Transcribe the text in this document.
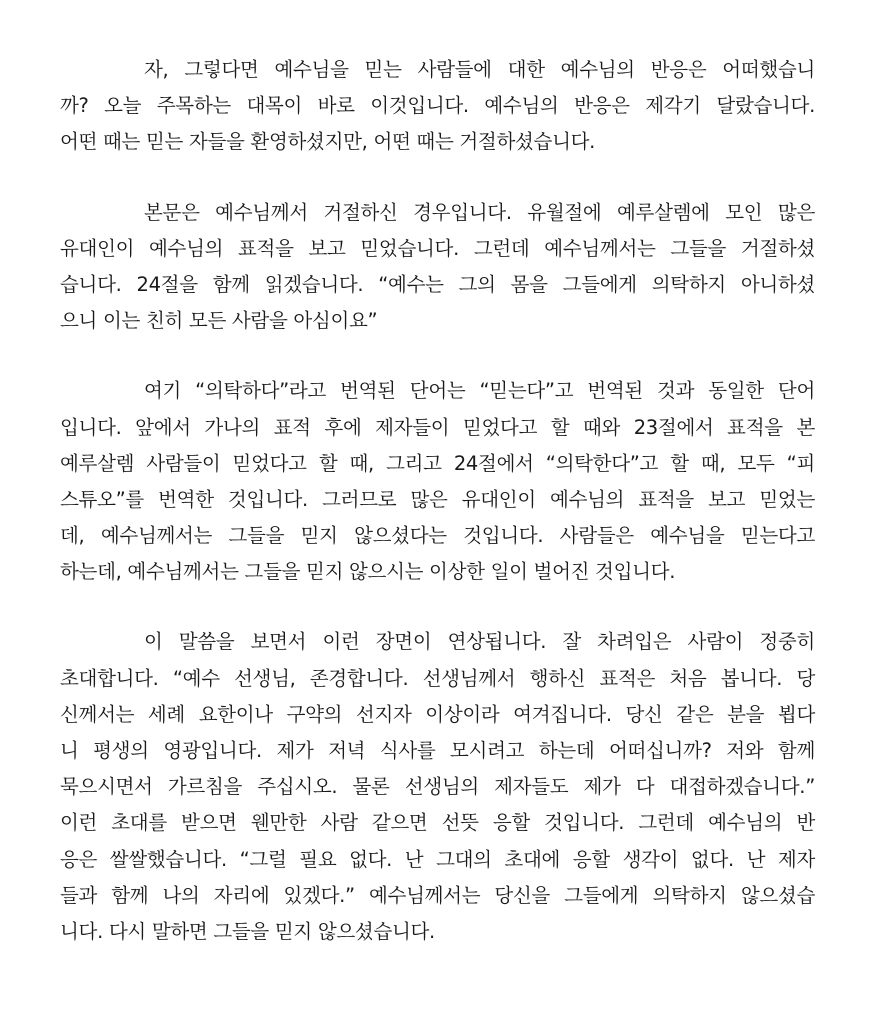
자, 그렇다면 예수님을 믿는 사람들에 대한 예수님의 반응은 어떠했습니
까? 오늘 주목하는 대목이 바로 이것입니다. 예수님의 반응은 제각기 달랐습니다.
어떤 때는 믿는 자들을 환영하셨지만, 어떤 때는 거절하셨습니다.
본문은 예수님께서 거절하신 경우입니다. 유월절에 예루살렘에 모인 많은
유대인이 예수님의 표적을 보고 믿었습니다. 그런데 예수님께서는 그들을 거절하셨
습니다. 24절을 함께 읽겠습니다. “예수는 그의 몸을 그들에게 의탁하지 아니하셨
으니 이는 친히 모든 사람을 아심이요”
여기 “의탁하다”라고 번역된 단어는 “믿는다”고 번역된 것과 동일한 단어
입니다. 앞에서 가나의 표적 후에 제자들이 믿었다고 할 때와 23절에서 표적을 본
예루살렘 사람들이 믿었다고 할 때, 그리고 24절에서 “의탁한다”고 할 때, 모두 “피
스튜오”를 번역한 것입니다. 그러므로 많은 유대인이 예수님의 표적을 보고 믿었는
데, 예수님께서는 그들을 믿지 않으셨다는 것입니다. 사람들은 예수님을 믿는다고
하는데, 예수님께서는 그들을 믿지 않으시는 이상한 일이 벌어진 것입니다.
이 말씀을 보면서 이런 장면이 연상됩니다. 잘 차려입은 사람이 정중히
초대합니다. “예수 선생님, 존경합니다. 선생님께서 행하신 표적은 처음 봅니다. 당
신께서는 세례 요한이나 구약의 선지자 이상이라 여겨집니다. 당신 같은 분을 뵙다
니 평생의 영광입니다. 제가 저녁 식사를 모시려고 하는데 어떠십니까? 저와 함께
묵으시면서 가르침을 주십시오. 물론 선생님의 제자들도 제가 다 대접하겠습니다.”
이런 초대를 받으면 웬만한 사람 같으면 선뜻 응할 것입니다. 그런데 예수님의 반
응은 쌀쌀했습니다. “그럴 필요 없다. 난 그대의 초대에 응할 생각이 없다. 난 제자
들과 함께 나의 자리에 있겠다.” 예수님께서는 당신을 그들에게 의탁하지 않으셨습
니다. 다시 말하면 그들을 믿지 않으셨습니다.
